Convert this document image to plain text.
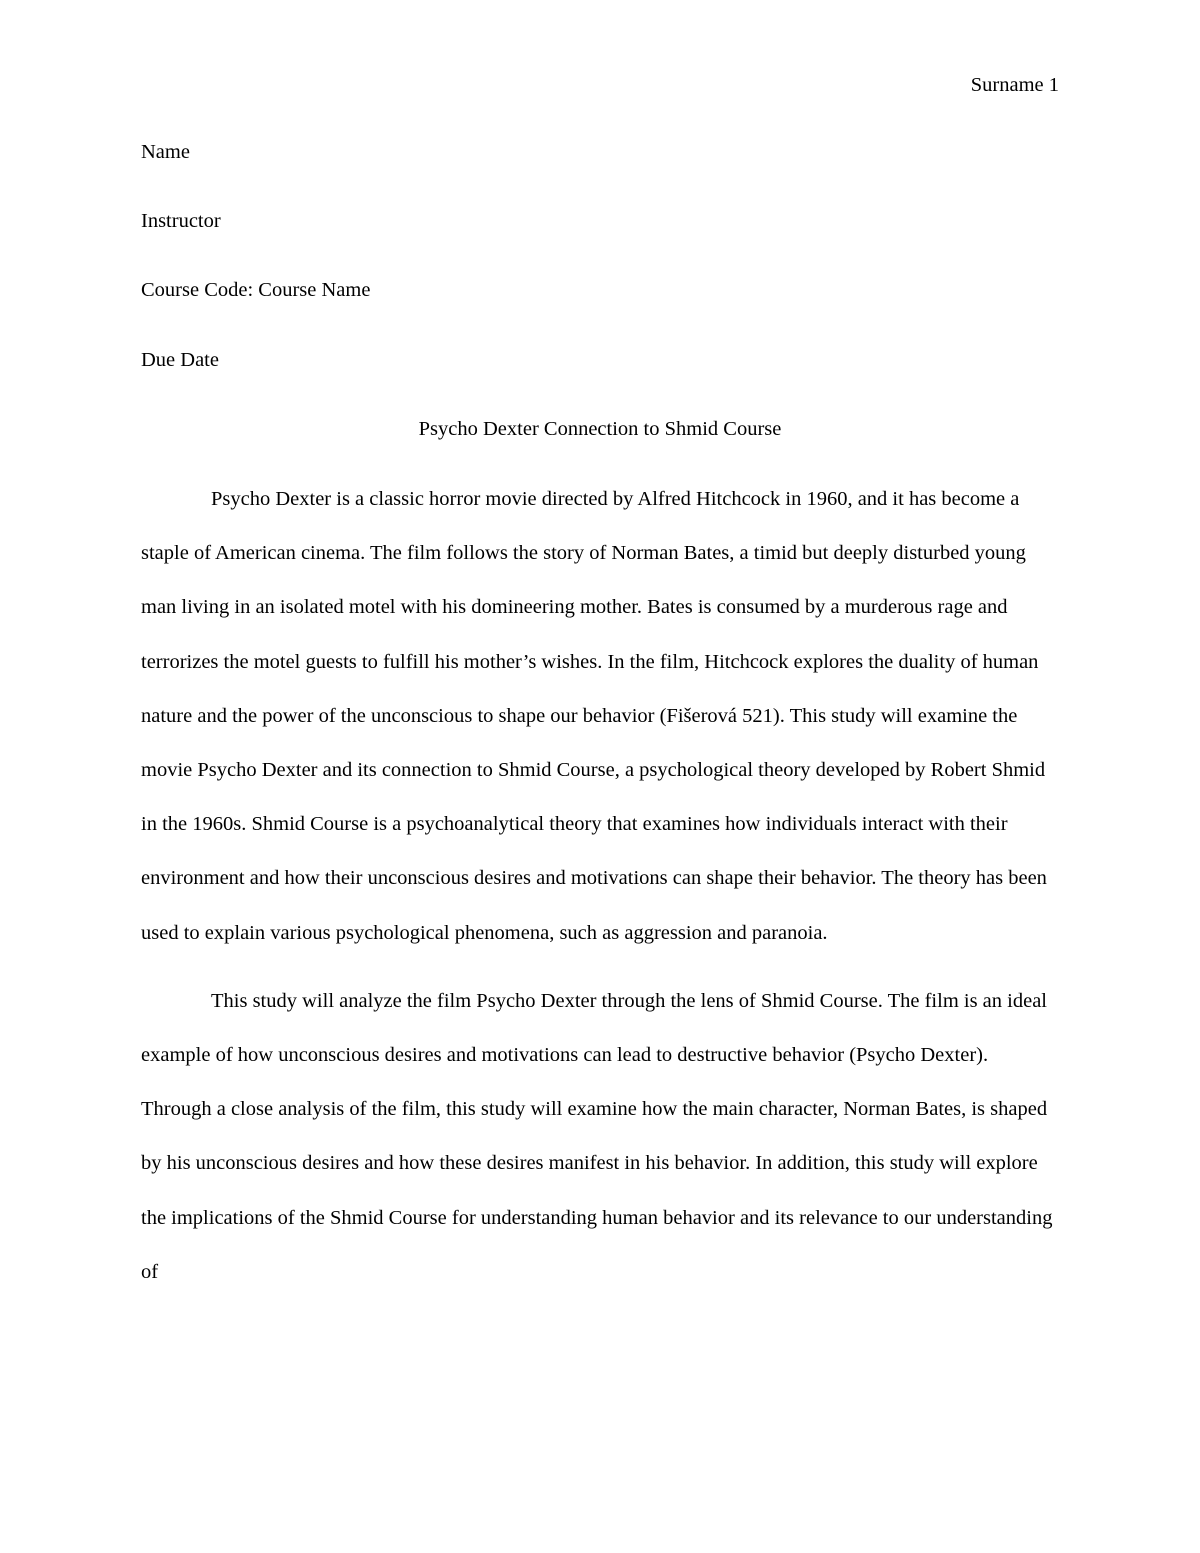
Surname 1

Name

Instructor

Course Code: Course Name

Due Date

Psycho Dexter Connection to Shmid Course

Psycho Dexter is a classic horror movie directed by Alfred Hitchcock in 1960, and it has become a staple of American cinema. The film follows the story of Norman Bates, a timid but deeply disturbed young man living in an isolated motel with his domineering mother. Bates is consumed by a murderous rage and terrorizes the motel guests to fulfill his mother’s wishes. In the film, Hitchcock explores the duality of human nature and the power of the unconscious to shape our behavior (Fišerová 521). This study will examine the movie Psycho Dexter and its connection to Shmid Course, a psychological theory developed by Robert Shmid in the 1960s. Shmid Course is a psychoanalytical theory that examines how individuals interact with their environment and how their unconscious desires and motivations can shape their behavior. The theory has been used to explain various psychological phenomena, such as aggression and paranoia.

This study will analyze the film Psycho Dexter through the lens of Shmid Course. The film is an ideal example of how unconscious desires and motivations can lead to destructive behavior (Psycho Dexter). Through a close analysis of the film, this study will examine how the main character, Norman Bates, is shaped by his unconscious desires and how these desires manifest in his behavior. In addition, this study will explore the implications of the Shmid Course for understanding human behavior and its relevance to our understanding of
